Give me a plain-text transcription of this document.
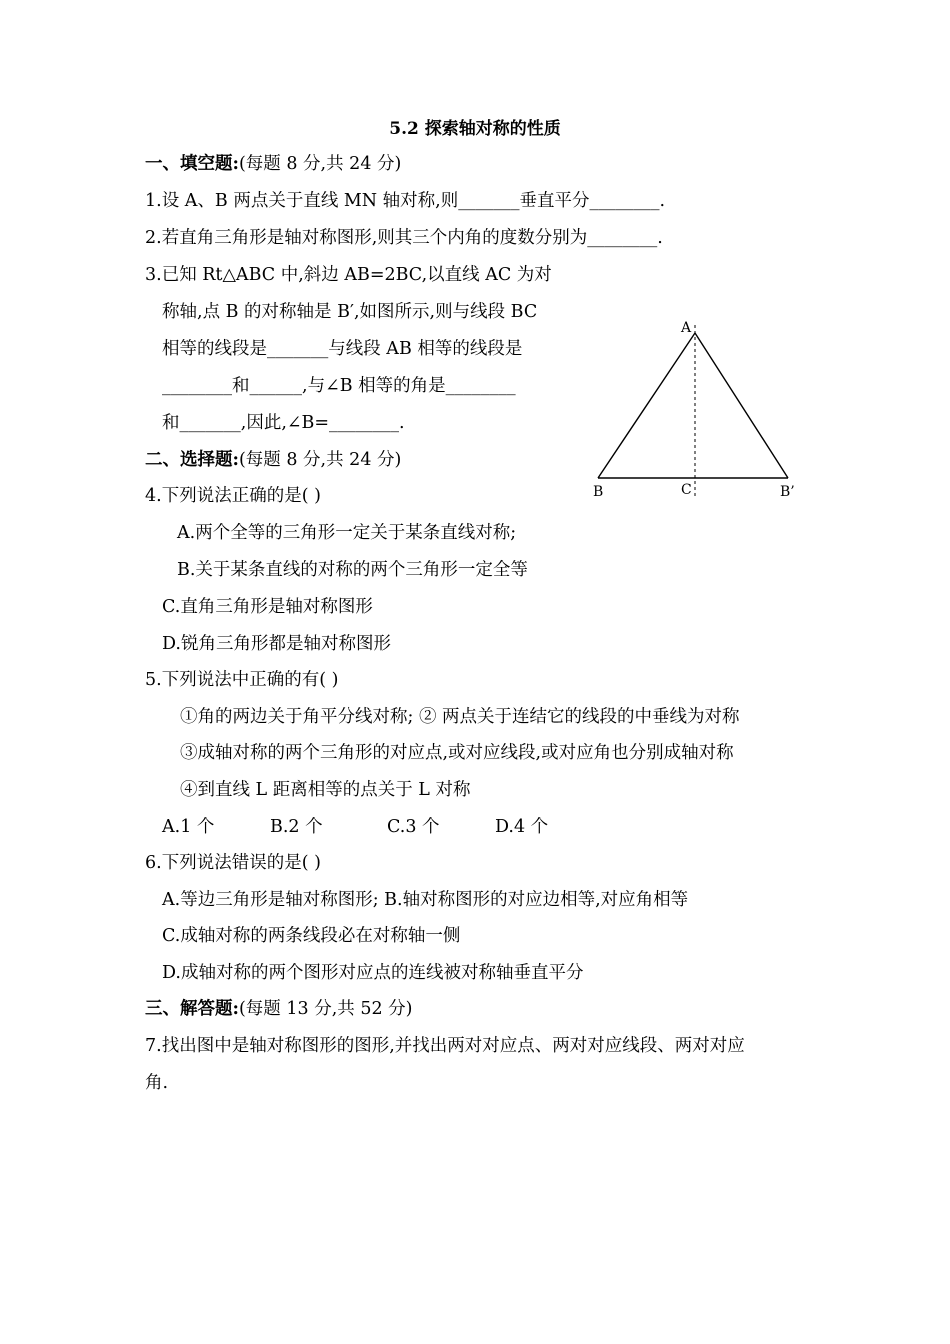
5.2 探索轴对称的性质
一、填空题:(每题 8 分,共 24 分)
1.设 A、B 两点关于直线 MN 轴对称,则_______垂直平分________.
2.若直角三角形是轴对称图形,则其三个内角的度数分别为________.
3.已知 Rt△ABC 中,斜边 AB=2BC,以直线 AC 为对
称轴,点 B 的对称轴是 B′,如图所示,则与线段 BC
相等的线段是_______与线段 AB 相等的线段是
________和______,与∠B 相等的角是________
和_______,因此,∠B=________.
A
B	C	B’
二、选择题:(每题 8 分,共 24 分)
4.下列说法正确的是( )
A.两个全等的三角形一定关于某条直线对称;
B.关于某条直线的对称的两个三角形一定全等
C.直角三角形是轴对称图形
D.锐角三角形都是轴对称图形
5.下列说法中正确的有( )
①角的两边关于角平分线对称; ② 两点关于连结它的线段的中垂线为对称
③成轴对称的两个三角形的对应点,或对应线段,或对应角也分别成轴对称
④到直线 L 距离相等的点关于 L 对称
A.1 个	B.2 个	C.3 个	D.4 个
6.下列说法错误的是( )
A.等边三角形是轴对称图形; B.轴对称图形的对应边相等,对应角相等
C.成轴对称的两条线段必在对称轴一侧
D.成轴对称的两个图形对应点的连线被对称轴垂直平分
三、解答题:(每题 13 分,共 52 分)
7.找出图中是轴对称图形的图形,并找出两对对应点、两对对应线段、两对对应
角.
